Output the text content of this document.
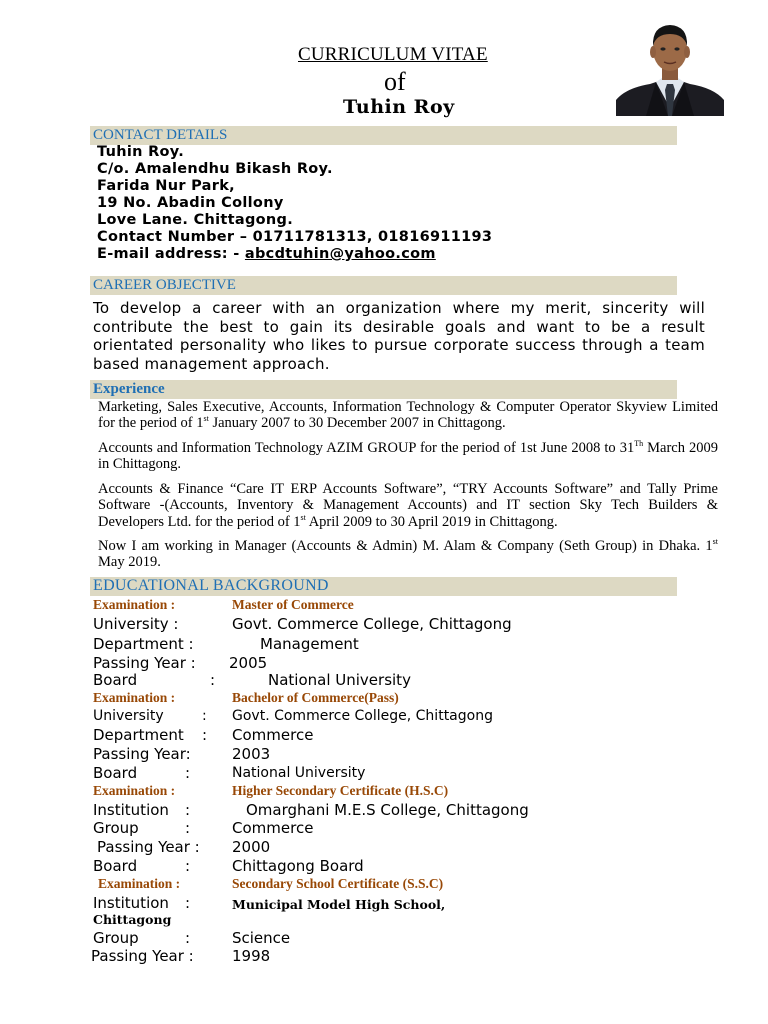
CURRICULUM VITAE
of
Tuhin Roy
CONTACT DETAILS
Tuhin Roy.
C/o. Amalendhu Bikash Roy.
Farida Nur Park,
19 No. Abadin Collony
Love Lane. Chittagong.
Contact Number – 01711781313, 01816911193
E-mail address: - abcdtuhin@yahoo.com
CAREER OBJECTIVE
To develop a career with an organization where my merit, sincerity will contribute the best to gain its desirable goals and want to be a result orientated personality who likes to pursue corporate success through a team based management approach.
Experience
Marketing, Sales Executive, Accounts, Information Technology & Computer Operator Skyview Limited for the period of 1st January 2007 to 30 December 2007 in Chittagong.
Accounts and Information Technology AZIM GROUP for the period of 1st June 2008 to 31Th March 2009 in Chittagong.
Accounts & Finance “Care IT ERP Accounts Software”, “TRY Accounts Software” and Tally Prime Software -(Accounts, Inventory & Management Accounts) and IT section Sky Tech Builders & Developers Ltd. for the period of 1st April 2009 to 30 April 2019 in Chittagong.
Now I am working in Manager (Accounts & Admin) M. Alam & Company (Seth Group) in Dhaka. 1st May 2019.
EDUCATIONAL BACKGROUND
Examination :	Master of Commerce
University :	Govt. Commerce College, Chittagong
Department :	Management
Passing Year : 2005
Board	:	National University
Examination :	Bachelor of Commerce(Pass)
University	: Govt. Commerce College, Chittagong
Department : Commerce
Passing Year:	2003
Board	:	National University
Examination :	Higher Secondary Certificate (H.S.C)
Institution :	Omarghani M.E.S College, Chittagong
Group	:	Commerce
Passing Year : 2000
Board	:	Chittagong Board
Examination :	Secondary School Certificate (S.S.C)
Institution :	Municipal Model High School,
Chittagong
Group	:	Science
Passing Year :	1998
